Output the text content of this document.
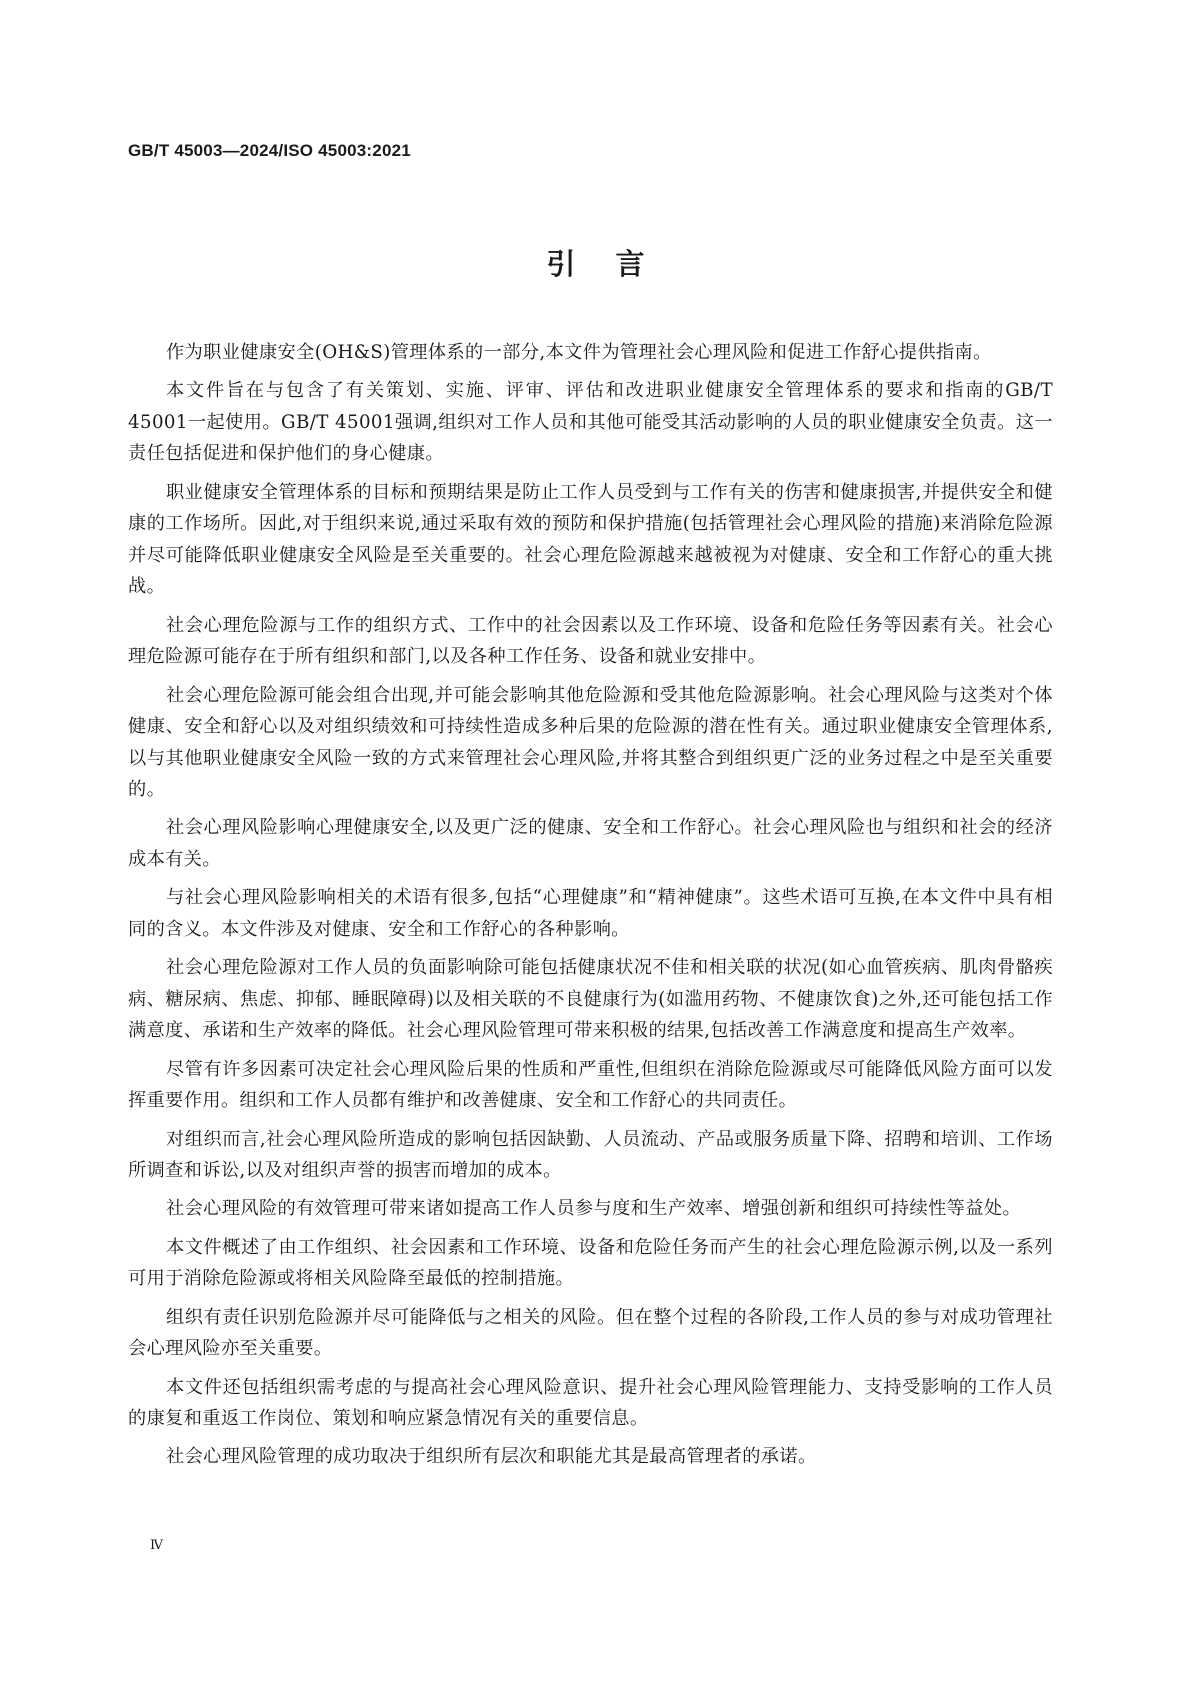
GB/T 45003—2024/ISO 45003:2021
引言

作为职业健康安全(OH&S)管理体系的一部分,本文件为管理社会心理风险和促进工作舒心提供指南。

本文件旨在与包含了有关策划、实施、评审、评估和改进职业健康安全管理体系的要求和指南的GB/T 45001一起使用。GB/T 45001强调,组织对工作人员和其他可能受其活动影响的人员的职业健康安全负责。这一责任包括促进和保护他们的身心健康。

职业健康安全管理体系的目标和预期结果是防止工作人员受到与工作有关的伤害和健康损害,并提供安全和健康的工作场所。因此,对于组织来说,通过采取有效的预防和保护措施(包括管理社会心理风险的措施)来消除危险源并尽可能降低职业健康安全风险是至关重要的。社会心理危险源越来越被视为对健康、安全和工作舒心的重大挑战。

社会心理危险源与工作的组织方式、工作中的社会因素以及工作环境、设备和危险任务等因素有关。社会心理危险源可能存在于所有组织和部门,以及各种工作任务、设备和就业安排中。

社会心理危险源可能会组合出现,并可能会影响其他危险源和受其他危险源影响。社会心理风险与这类对个体健康、安全和舒心以及对组织绩效和可持续性造成多种后果的危险源的潜在性有关。通过职业健康安全管理体系,以与其他职业健康安全风险一致的方式来管理社会心理风险,并将其整合到组织更广泛的业务过程之中是至关重要的。

社会心理风险影响心理健康安全,以及更广泛的健康、安全和工作舒心。社会心理风险也与组织和社会的经济成本有关。

与社会心理风险影响相关的术语有很多,包括“心理健康”和“精神健康”。这些术语可互换,在本文件中具有相同的含义。本文件涉及对健康、安全和工作舒心的各种影响。

社会心理危险源对工作人员的负面影响除可能包括健康状况不佳和相关联的状况(如心血管疾病、肌肉骨骼疾病、糖尿病、焦虑、抑郁、睡眠障碍)以及相关联的不良健康行为(如滥用药物、不健康饮食)之外,还可能包括工作满意度、承诺和生产效率的降低。社会心理风险管理可带来积极的结果,包括改善工作满意度和提高生产效率。

尽管有许多因素可决定社会心理风险后果的性质和严重性,但组织在消除危险源或尽可能降低风险方面可以发挥重要作用。组织和工作人员都有维护和改善健康、安全和工作舒心的共同责任。

对组织而言,社会心理风险所造成的影响包括因缺勤、人员流动、产品或服务质量下降、招聘和培训、工作场所调查和诉讼,以及对组织声誉的损害而增加的成本。

社会心理风险的有效管理可带来诸如提高工作人员参与度和生产效率、增强创新和组织可持续性等益处。

本文件概述了由工作组织、社会因素和工作环境、设备和危险任务而产生的社会心理危险源示例,以及一系列可用于消除危险源或将相关风险降至最低的控制措施。

组织有责任识别危险源并尽可能降低与之相关的风险。但在整个过程的各阶段,工作人员的参与对成功管理社会心理风险亦至关重要。

本文件还包括组织需考虑的与提高社会心理风险意识、提升社会心理风险管理能力、支持受影响的工作人员的康复和重返工作岗位、策划和响应紧急情况有关的重要信息。

社会心理风险管理的成功取决于组织所有层次和职能尤其是最高管理者的承诺。

Ⅳ
